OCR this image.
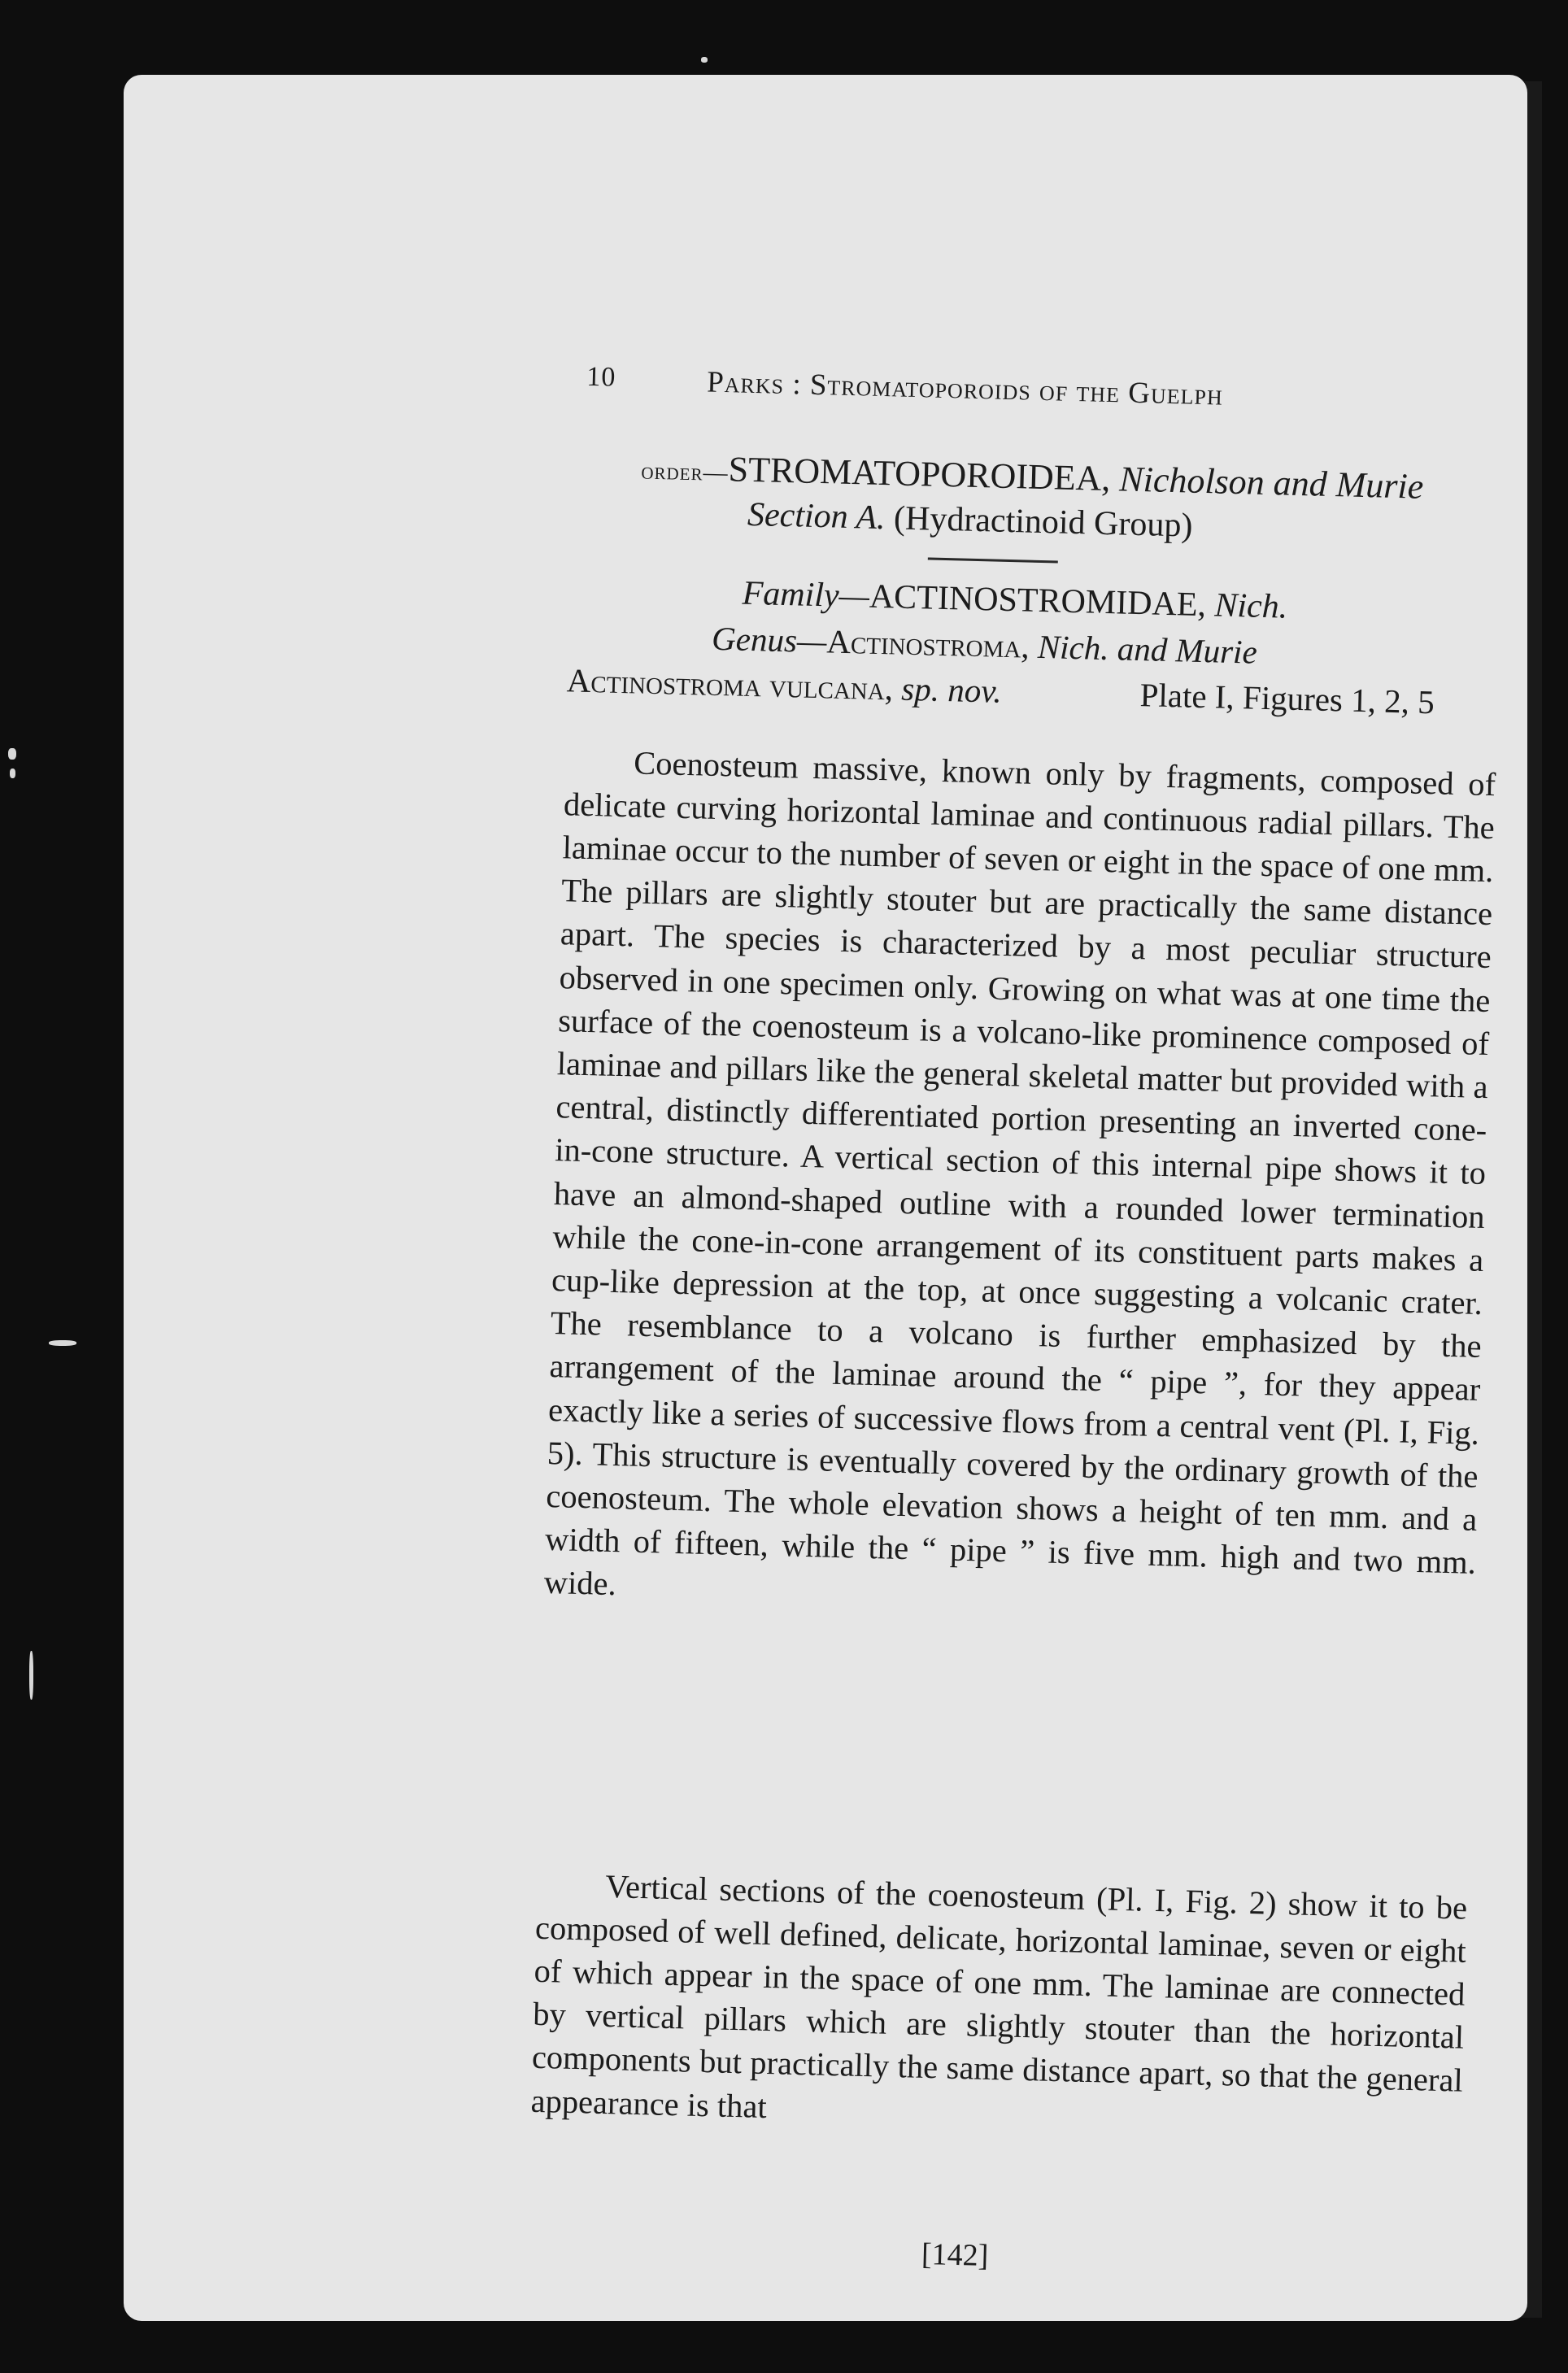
10	Parks : Stromatoporoids of the Guelph
order—STROMATOPOROIDEA, Nicholson and Murie
Section A. (Hydractinoid Group)
Family—ACTINOSTROMIDAE, Nich.
Genus—Actinostroma, Nich. and Murie
Actinostroma vulcana, sp. nov.	Plate I, Figures 1, 2, 5

Coenosteum massive, known only by fragments, composed of delicate curving horizontal laminae and continuous radial pillars. The laminae occur to the number of seven or eight in the space of one mm. The pillars are slightly stouter but are practically the same distance apart. The species is characterized by a most peculiar structure observed in one specimen only. Growing on what was at one time the surface of the coenosteum is a volcano-like prominence composed of laminae and pillars like the general skeletal matter but provided with a central, distinctly differentiated portion presenting an inverted cone-in-cone structure. A vertical section of this internal pipe shows it to have an almond-shaped outline with a rounded lower termination while the cone-in-cone arrangement of its constituent parts makes a cup-like depression at the top, at once suggesting a volcanic crater. The resemblance to a volcano is further emphasized by the arrangement of the laminae around the “ pipe ”, for they appear exactly like a series of successive flows from a central vent (Pl. I, Fig. 5). This structure is eventually covered by the ordinary growth of the coenosteum. The whole elevation shows a height of ten mm. and a width of fifteen, while the “ pipe ” is five mm. high and two mm. wide.

Vertical sections of the coenosteum (Pl. I, Fig. 2) show it to be composed of well defined, delicate, horizontal laminae, seven or eight of which appear in the space of one mm. The laminae are connected by vertical pillars which are slightly stouter than the horizontal components but practically the same distance apart, so that the general appearance is that

[142]
